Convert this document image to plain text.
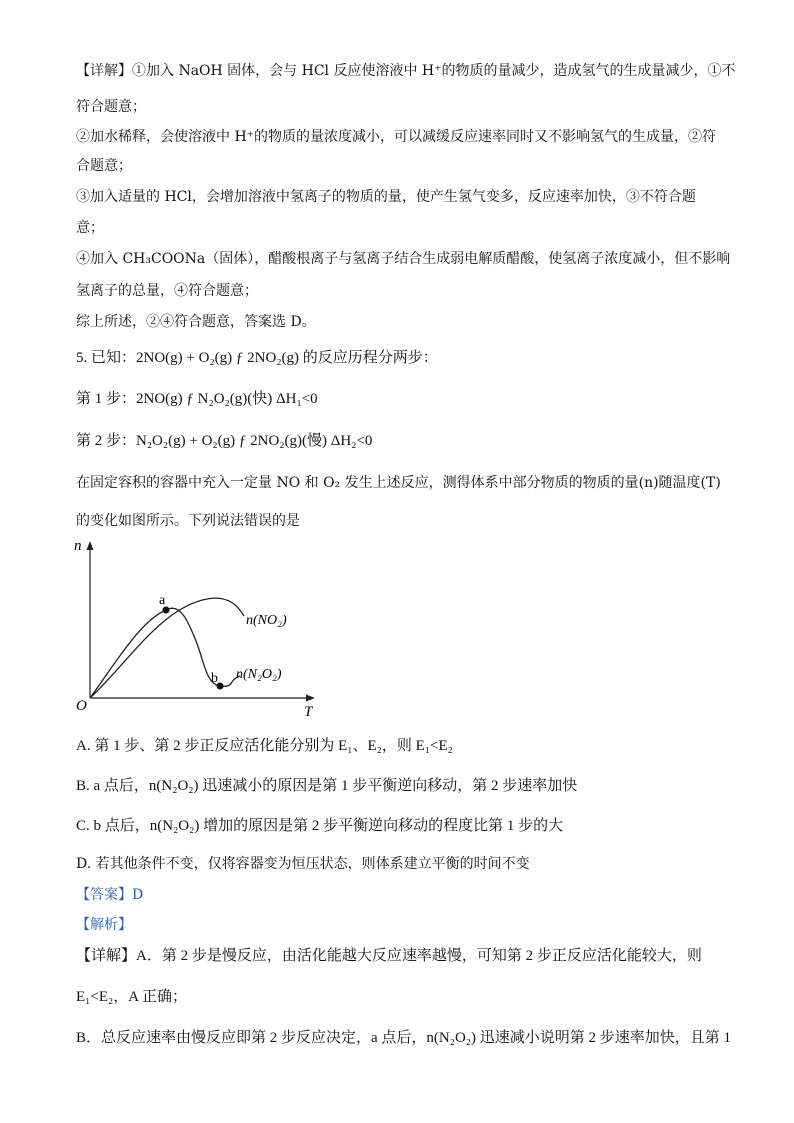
【详解】①加入 NaOH 固体，会与 HCl 反应使溶液中 H⁺的物质的量减少，造成氢气的生成量减少，①不
符合题意；
②加水稀释，会使溶液中 H⁺的物质的量浓度减小，可以减缓反应速率同时又不影响氢气的生成量，②符
合题意；
③加入适量的 HCl，会增加溶液中氢离子的物质的量，使产生氢气变多，反应速率加快，③不符合题
意；
④加入 CH₃COONa（固体），醋酸根离子与氢离子结合生成弱电解质醋酸，使氢离子浓度减小，但不影响
氢离子的总量，④符合题意；
综上所述，②④符合题意，答案选 D。
5. 已知：2NO(g) + O₂(g) ƒ 2NO₂(g) 的反应历程分两步：
第 1 步：2NO(g) ƒ N₂O₂(g)(快) ΔH₁<0
第 2 步：N₂O₂(g) + O₂(g) ƒ 2NO₂(g)(慢) ΔH₂<0
在固定容积的容器中充入一定量 NO 和 O₂ 发生上述反应，测得体系中部分物质的物质的量(n)随温度(T)
的变化如图所示。下列说法错误的是
n
T
O
a
b
n(NO₂)
n(N₂O₂)
A. 第 1 步、第 2 步正反应活化能分别为 E₁、E₂，则 E₁<E₂
B. a 点后，n(N₂O₂) 迅速减小的原因是第 1 步平衡逆向移动，第 2 步速率加快
C. b 点后，n(N₂O₂) 增加的原因是第 2 步平衡逆向移动的程度比第 1 步的大
D. 若其他条件不变，仅将容器变为恒压状态，则体系建立平衡的时间不变
【答案】D
【解析】
【详解】A．第 2 步是慢反应，由活化能越大反应速率越慢，可知第 2 步正反应活化能较大，则
E₁<E₂，A 正确；
B．总反应速率由慢反应即第 2 步反应决定，a 点后，n(N₂O₂) 迅速减小说明第 2 步速率加快，且第 1
